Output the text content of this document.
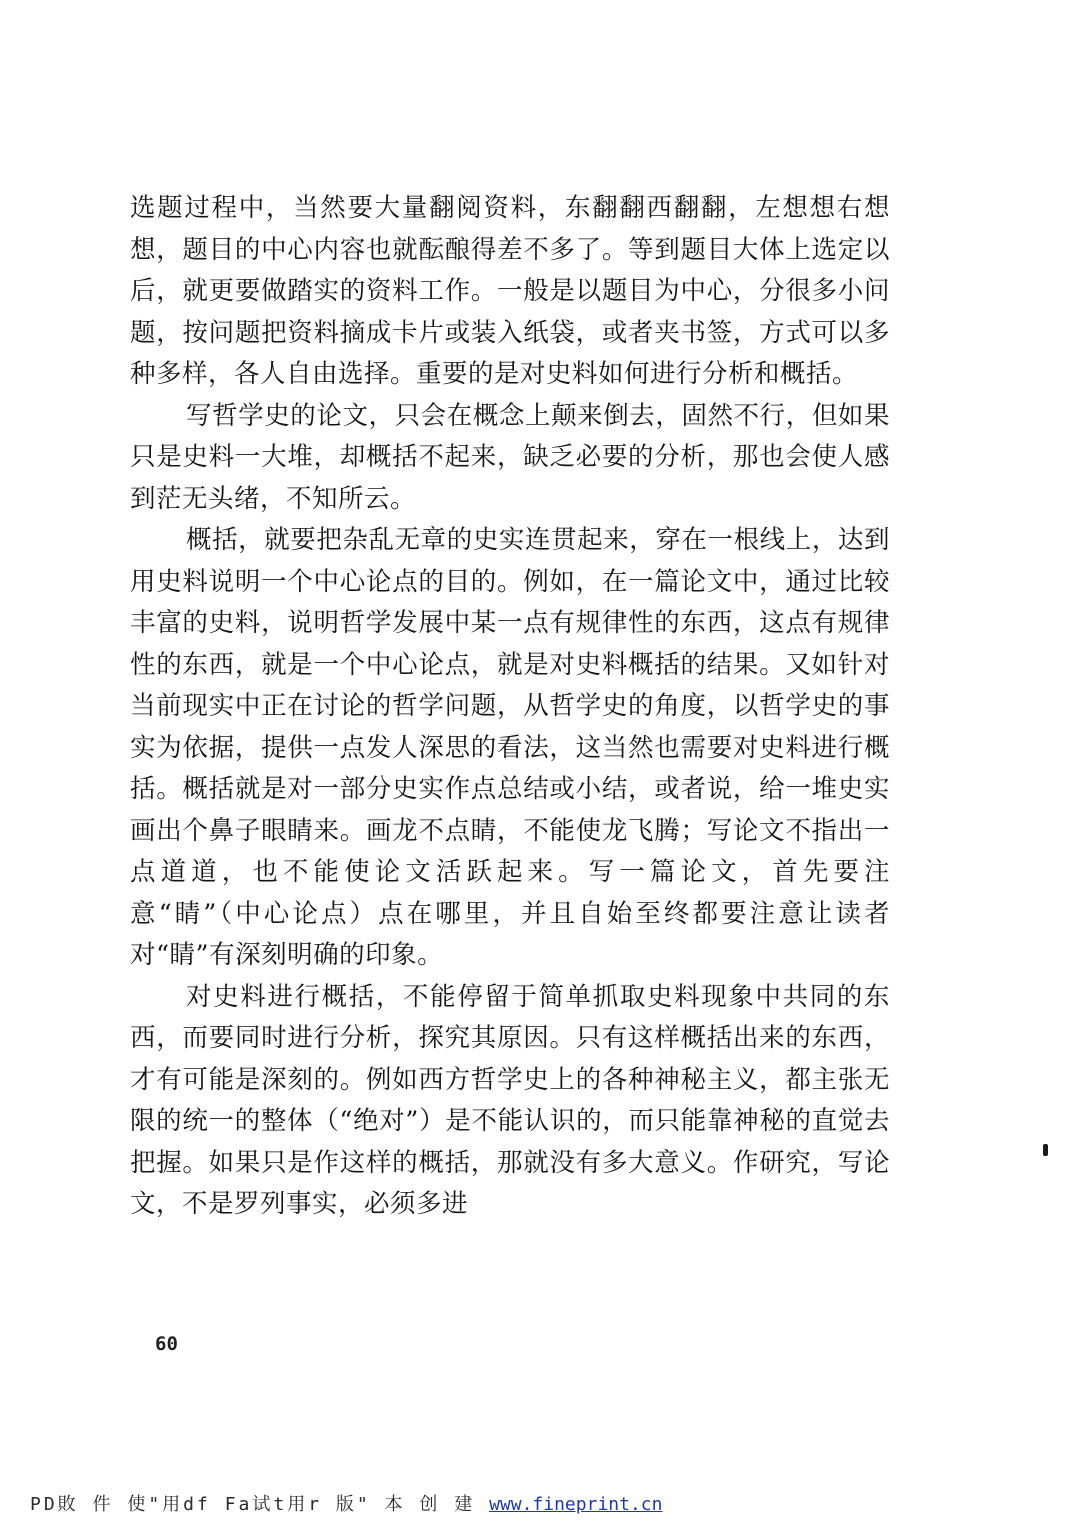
选题过程中，当然要大量翻阅资料，东翻翻西翻翻，左想想右想想，题目的中心内容也就酝酿得差不多了。等到题目大体上选定以后，就更要做踏实的资料工作。一般是以题目为中心，分很多小问题，按问题把资料摘成卡片或装入纸袋，或者夹书签，方式可以多种多样，各人自由选择。重要的是对史料如何进行分析和概括。

写哲学史的论文，只会在概念上颠来倒去，固然不行，但如果只是史料一大堆，却概括不起来，缺乏必要的分析，那也会使人感到茫无头绪，不知所云。

概括，就要把杂乱无章的史实连贯起来，穿在一根线上，达到用史料说明一个中心论点的目的。例如，在一篇论文中，通过比较丰富的史料，说明哲学发展中某一点有规律性的东西，这点有规律性的东西，就是一个中心论点，就是对史料概括的结果。又如针对当前现实中正在讨论的哲学问题，从哲学史的角度，以哲学史的事实为依据，提供一点发人深思的看法，这当然也需要对史料进行概括。概括就是对一部分史实作点总结或小结，或者说，给一堆史实画出个鼻子眼睛来。画龙不点睛，不能使龙飞腾；写论文不指出一点道道，也不能使论文活跃起来。写一篇论文，首先要注意“睛”（中心论点）点在哪里，并且自始至终都要注意让读者对“睛”有深刻明确的印象。

对史料进行概括，不能停留于简单抓取史料现象中共同的东西，而要同时进行分析，探究其原因。只有这样概括出来的东西，才有可能是深刻的。例如西方哲学史上的各种神秘主义，都主张无限的统一的整体（“绝对”）是不能认识的，而只能靠神秘的直觉去把握。如果只是作这样的概括，那就没有多大意义。作研究，写论文，不是罗列事实，必须多进

60
PD敗 件 使"用df Fa试t用r 版" 本 创 建 www.fineprint.cn
